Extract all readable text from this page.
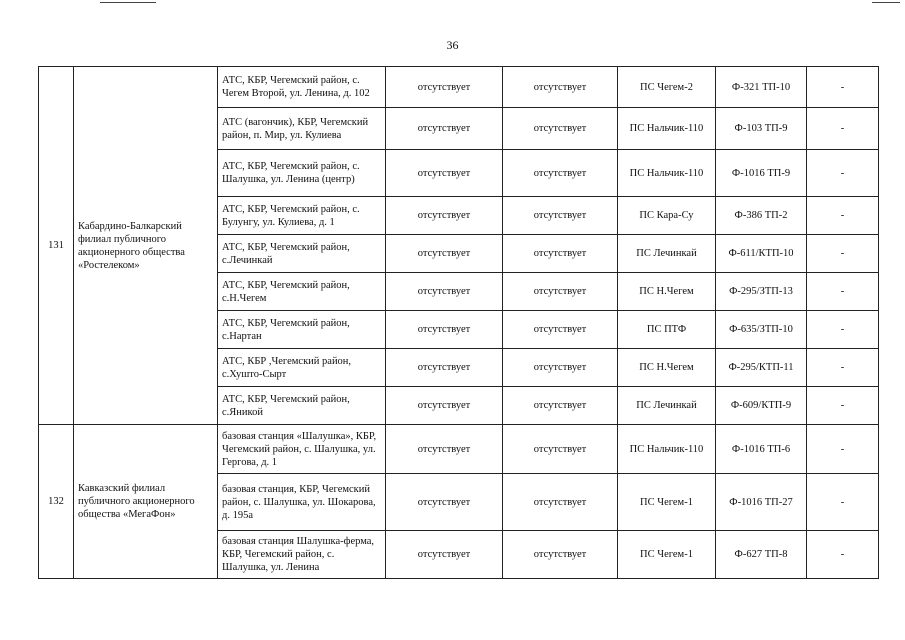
36
131	Кабардино-Балкарский филиал публичного акционерного общества «Ростелеком»	АТС, КБР, Чегемский район, с. Чегем Второй, ул. Ленина, д. 102	отсутствует	отсутствует	ПС Чегем-2	Ф-321 ТП-10	-
		АТС (вагончик), КБР, Чегемский район, п. Мир, ул. Кулиева	отсутствует	отсутствует	ПС Нальчик-110	Ф-103 ТП-9	-
		АТС, КБР, Чегемский район, с. Шалушка, ул. Ленина (центр)	отсутствует	отсутствует	ПС Нальчик-110	Ф-1016 ТП-9	-
		АТС, КБР, Чегемский район, с. Булунгу, ул. Кулиева, д. 1	отсутствует	отсутствует	ПС Кара-Су	Ф-386 ТП-2	-
		АТС, КБР, Чегемский район, с.Лечинкай	отсутствует	отсутствует	ПС Лечинкай	Ф-611/КТП-10	-
		АТС, КБР, Чегемский район, с.Н.Чегем	отсутствует	отсутствует	ПС Н.Чегем	Ф-295/ЗТП-13	-
		АТС, КБР, Чегемский район, с.Нартан	отсутствует	отсутствует	ПС ПТФ	Ф-635/ЗТП-10	-
		АТС, КБР ,Чегемский район, с.Хушто-Сырт	отсутствует	отсутствует	ПС Н.Чегем	Ф-295/КТП-11	-
		АТС, КБР, Чегемский район, с.Яникой	отсутствует	отсутствует	ПС Лечинкай	Ф-609/КТП-9	-
132	Кавказский филиал публичного акционерного общества «МегаФон»	базовая станция «Шалушка», КБР, Чегемский район, с. Шалушка, ул. Гергова, д. 1	отсутствует	отсутствует	ПС Нальчик-110	Ф-1016 ТП-6	-
		базовая станция, КБР, Чегемский район, с. Шалушка, ул. Шокарова, д. 195а	отсутствует	отсутствует	ПС Чегем-1	Ф-1016 ТП-27	-
		базовая станция Шалушка-ферма, КБР, Чегемский район, с. Шалушка, ул. Ленина	отсутствует	отсутствует	ПС Чегем-1	Ф-627 ТП-8	-
